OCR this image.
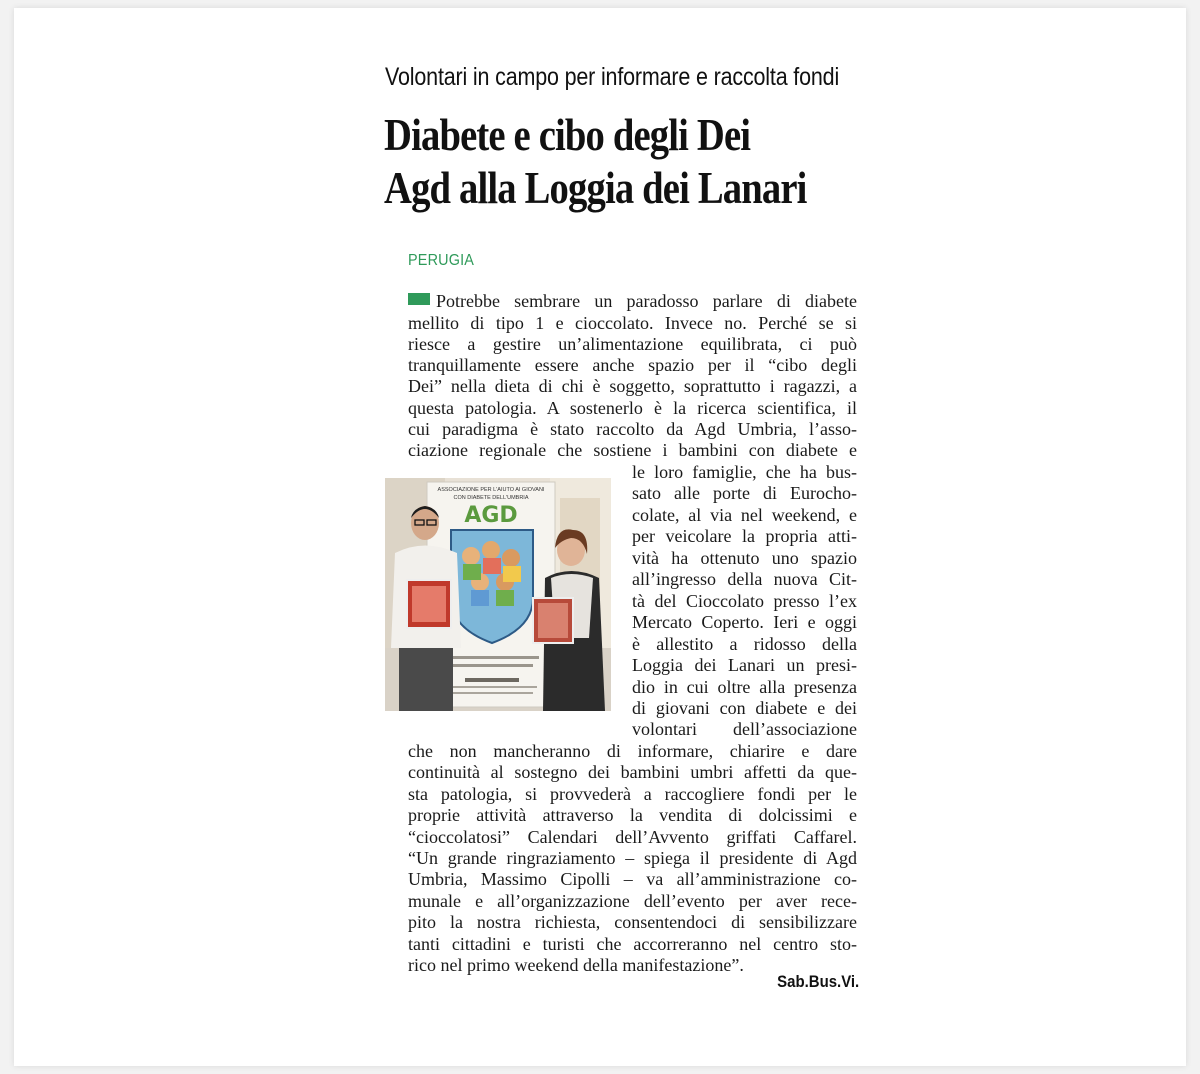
Volontari in campo per informare e raccolta fondi
Diabete e cibo degli Dei
Agd alla Loggia dei Lanari
PERUGIA
Potrebbe sembrare un paradosso parlare di diabete
mellito di tipo 1 e cioccolato. Invece no. Perché se si
riesce a gestire un’alimentazione equilibrata, ci può
tranquillamente essere anche spazio per il “cibo degli
Dei” nella dieta di chi è soggetto, soprattutto i ragazzi, a
questa patologia. A sostenerlo è la ricerca scientifica, il
cui paradigma è stato raccolto da Agd Umbria, l’asso-
ciazione regionale che sostiene i bambini con diabete e
le loro famiglie, che ha bus-
sato alle porte di Eurocho-
colate, al via nel weekend, e
per veicolare la propria atti-
vità ha ottenuto uno spazio
all’ingresso della nuova Cit-
tà del Cioccolato presso l’ex
Mercato Coperto. Ieri e oggi
è allestito a ridosso della
Loggia dei Lanari un presi-
dio in cui oltre alla presenza
di giovani con diabete e dei
volontari dell’associazione
che non mancheranno di informare, chiarire e dare
continuità al sostegno dei bambini umbri affetti da que-
sta patologia, si provvederà a raccogliere fondi per le
proprie attività attraverso la vendita di dolcissimi e
“cioccolatosi” Calendari dell’Avvento griffati Caffarel.
“Un grande ringraziamento – spiega il presidente di Agd
Umbria, Massimo Cipolli – va all’amministrazione co-
munale e all’organizzazione dell’evento per aver rece-
pito la nostra richiesta, consentendoci di sensibilizzare
tanti cittadini e turisti che accorreranno nel centro sto-
rico nel primo weekend della manifestazione”.
Sab.Bus.Vi.
ASSOCIAZIONE PER L'AIUTO AI GIOVANI
CON DIABETE DELL'UMBRIA
AGD
